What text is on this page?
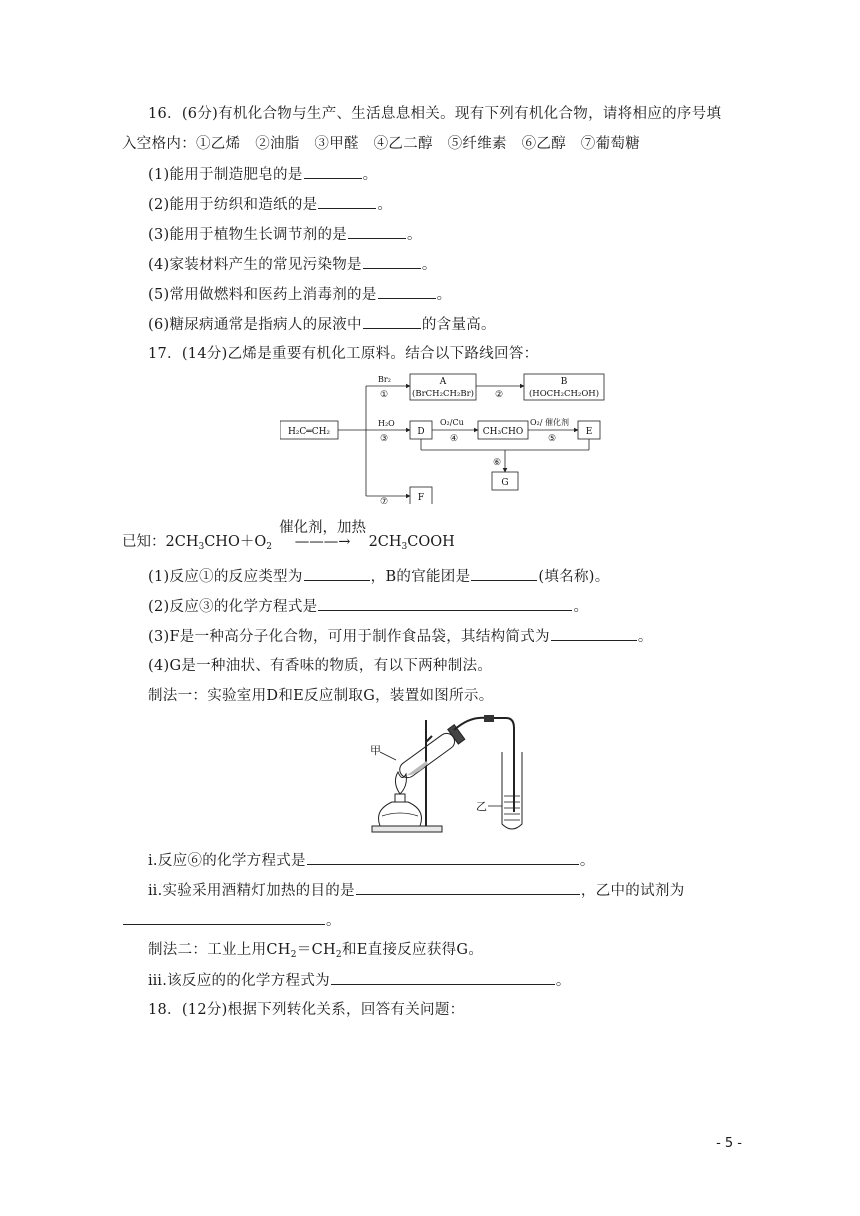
16．(6分)有机化合物与生产、生活息息相关。现有下列有机化合物，请将相应的序号填
入空格内：①乙烯　②油脂　③甲醛　④乙二醇　⑤纤维素　⑥乙醇　⑦葡萄糖
(1)能用于制造肥皂的是	。
(2)能用于纺织和造纸的是	。
(3)能用于植物生长调节剂的是	。
(4)家装材料产生的常见污染物是	。
(5)常用做燃料和医药上消毒剂的是	。
(6)糖尿病通常是指病人的尿液中	的含量高。
17．(14分)乙烯是重要有机化工原料。结合以下路线回答：
H₂C═CH₂
Br₂
①
A
(BrCH₂CH₂Br) ②
B
(HOCH₂CH₂OH)
H₂O
③
D
O₂/Cu
④
CH₃CHO
O₂/ 催化剂
⑤
E
⑥
G
⑦	F
已知：$2CH_3CHO+O_2$
催化剂，加热
———→ $2CH_3COOH$
(1)反应①的反应类型为	，B的官能团是	(填名称)。
(2)反应③的化学方程式是	。
(3)F是一种高分子化合物，可用于制作食品袋，其结构简式为	。
(4)G是一种油状、有香味的物质，有以下两种制法。
制法一：实验室用D和E反应制取G，装置如图所示。
甲
乙
ⅰ.反应⑥的化学方程式是	。
ⅱ.实验采用酒精灯加热的目的是	，乙中的试剂为
。
制法二：工业上用$CH_2=CH_2$和E直接反应获得G。
ⅲ.该反应的的化学方程式为	。
18．(12分)根据下列转化关系，回答有关问题：
- 5 -
